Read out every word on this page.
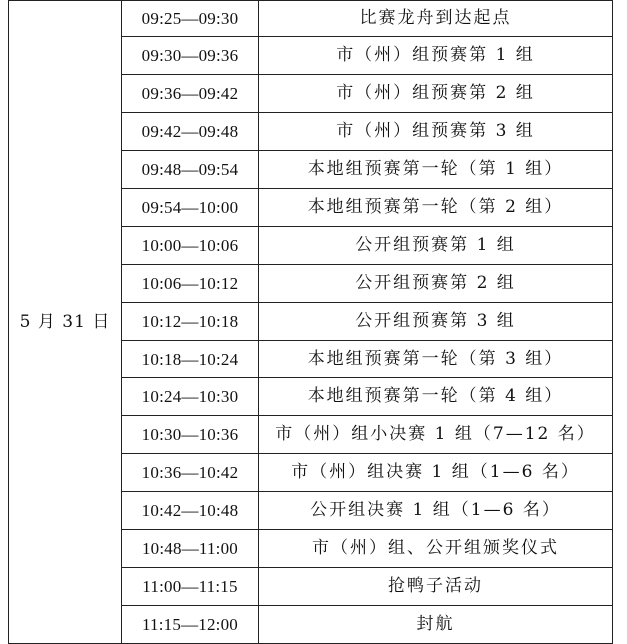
5 月 31 日	09:25—09:30	比赛龙舟到达起点
	09:30—09:36	市（州）组预赛第 1 组
	09:36—09:42	市（州）组预赛第 2 组
	09:42—09:48	市（州）组预赛第 3 组
	09:48—09:54	本地组预赛第一轮（第 1 组）
	09:54—10:00	本地组预赛第一轮（第 2 组）
	10:00—10:06	公开组预赛第 1 组
	10:06—10:12	公开组预赛第 2 组
	10:12—10:18	公开组预赛第 3 组
	10:18—10:24	本地组预赛第一轮（第 3 组）
	10:24—10:30	本地组预赛第一轮（第 4 组）
	10:30—10:36	市（州）组小决赛 1 组（7—12 名）
	10:36—10:42	市（州）组决赛 1 组（1—6 名）
	10:42—10:48	公开组决赛 1 组（1—6 名）
	10:48—11:00	市（州）组、公开组颁奖仪式
	11:00—11:15	抢鸭子活动
	11:15—12:00	封航
